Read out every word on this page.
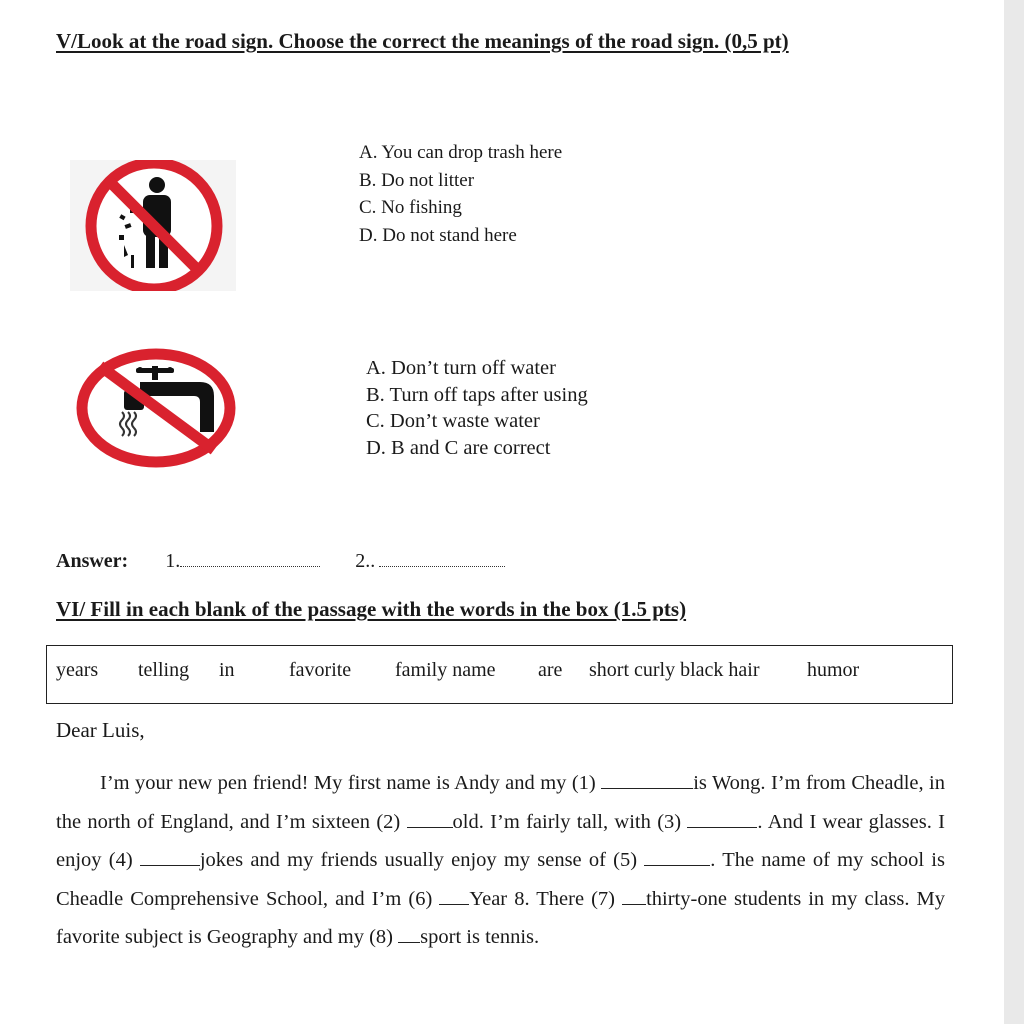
V/Look at the road sign. Choose the correct the meanings of the road sign. (0,5 pt)
A. You can drop trash here
B. Do not litter
C. No fishing
D. Do not stand here
A. Don’t turn off water
B. Turn off taps after using
C. Don’t waste water
D. B and C are correct
Answer: 1.	2..
VI/ Fill in each blank of the passage with the words in the box (1.5 pts)
years telling in	favorite family name are short curly black hair humor
Dear Luis,
I’m your new pen friend! My first name is Andy and my (1)	is Wong. I’m from Cheadle, in the north of England, and I’m sixteen (2) old. I’m fairly tall, with (3)	. And I wear glasses. I enjoy (4)	jokes and my friends usually enjoy my sense of (5)	. The name of my school is Cheadle Comprehensive School, and I’m (6) Year 8. There (7) thirty-one students in my class. My favorite subject is Geography and my (8) sport is tennis.
